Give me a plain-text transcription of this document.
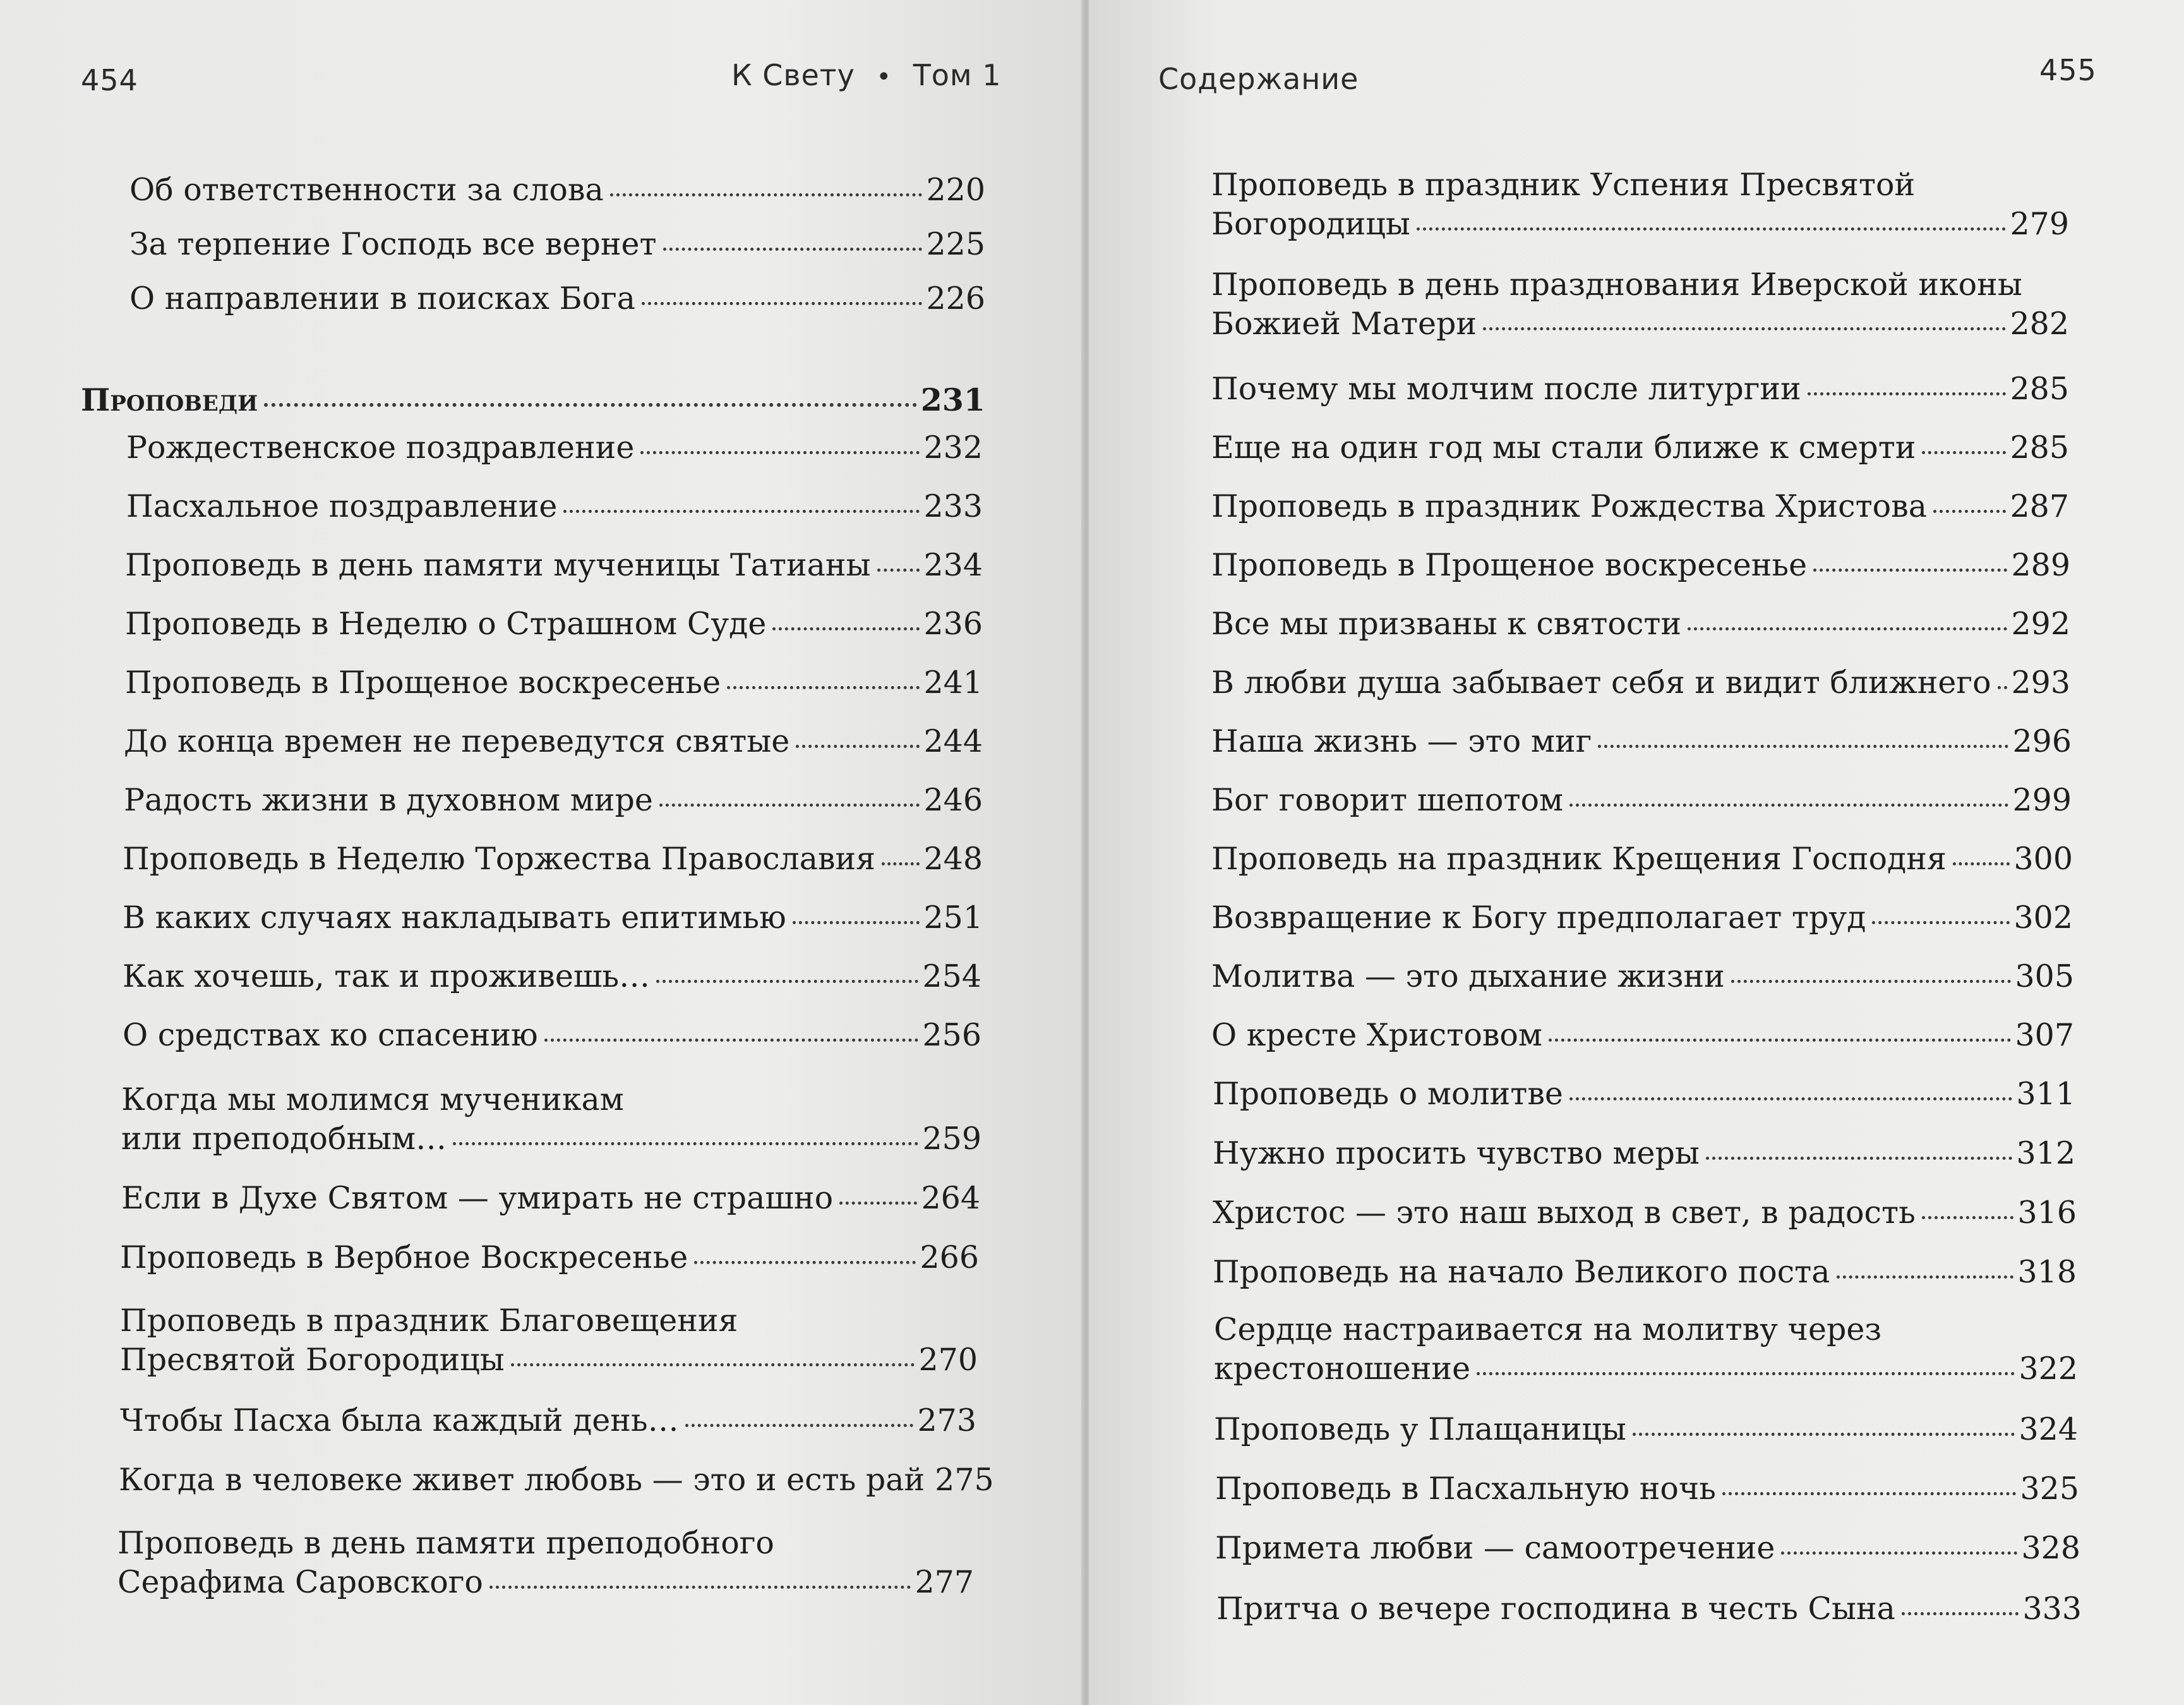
454	К Свету • Том 1
Об ответственности за слова	220
За терпение Господь все вернет	225
О направлении в поисках Бога	226
Проповеди	231
Рождественское поздравление	232
Пасхальное поздравление	233
Проповедь в день памяти мученицы Татианы 234
Проповедь в Неделю о Страшном Суде	236
Проповедь в Прощеное воскресенье	241
До конца времен не переведутся святые	244
Радость жизни в духовном мире	246
Проповедь в Неделю Торжества Православия 248
В каких случаях накладывать епитимью	251
Как хочешь, так и проживешь…	254
О средствах ко спасению	256
Когда мы молимся мученикам
или преподобным…	259
Если в Духе Святом — умирать не страшно	264
Проповедь в Вербное Воскресенье	266
Проповедь в праздник Благовещения
Пресвятой Богородицы	270
Чтобы Пасха была каждый день…	273
Когда в человеке живет любовь — это и есть рай 275
Проповедь в день памяти преподобного
Серафима Саровского	277
Содержание	455
Проповедь в праздник Успения Пресвятой
Богородицы	279
Проповедь в день празднования Иверской иконы
Божией Матери	282
Почему мы молчим после литургии	285
Еще на один год мы стали ближе к смерти	285
Проповедь в праздник Рождества Христова	287
Проповедь в Прощеное воскресенье	289
Все мы призваны к святости	292
В любви душа забывает себя и видит ближнего 293
Наша жизнь — это миг	296
Бог говорит шепотом	299
Проповедь на праздник Крещения Господня 300
Возвращение к Богу предполагает труд	302
Молитва — это дыхание жизни	305
О кресте Христовом	307
Проповедь о молитве	311
Нужно просить чувство меры	312
Христос — это наш выход в свет, в радость	316
Проповедь на начало Великого поста	318
Сердце настраивается на молитву через
крестоношение	322
Проповедь у Плащаницы	324
Проповедь в Пасхальную ночь	325
Примета любви — самоотречение	328
Притча о вечере господина в честь Сына	333
